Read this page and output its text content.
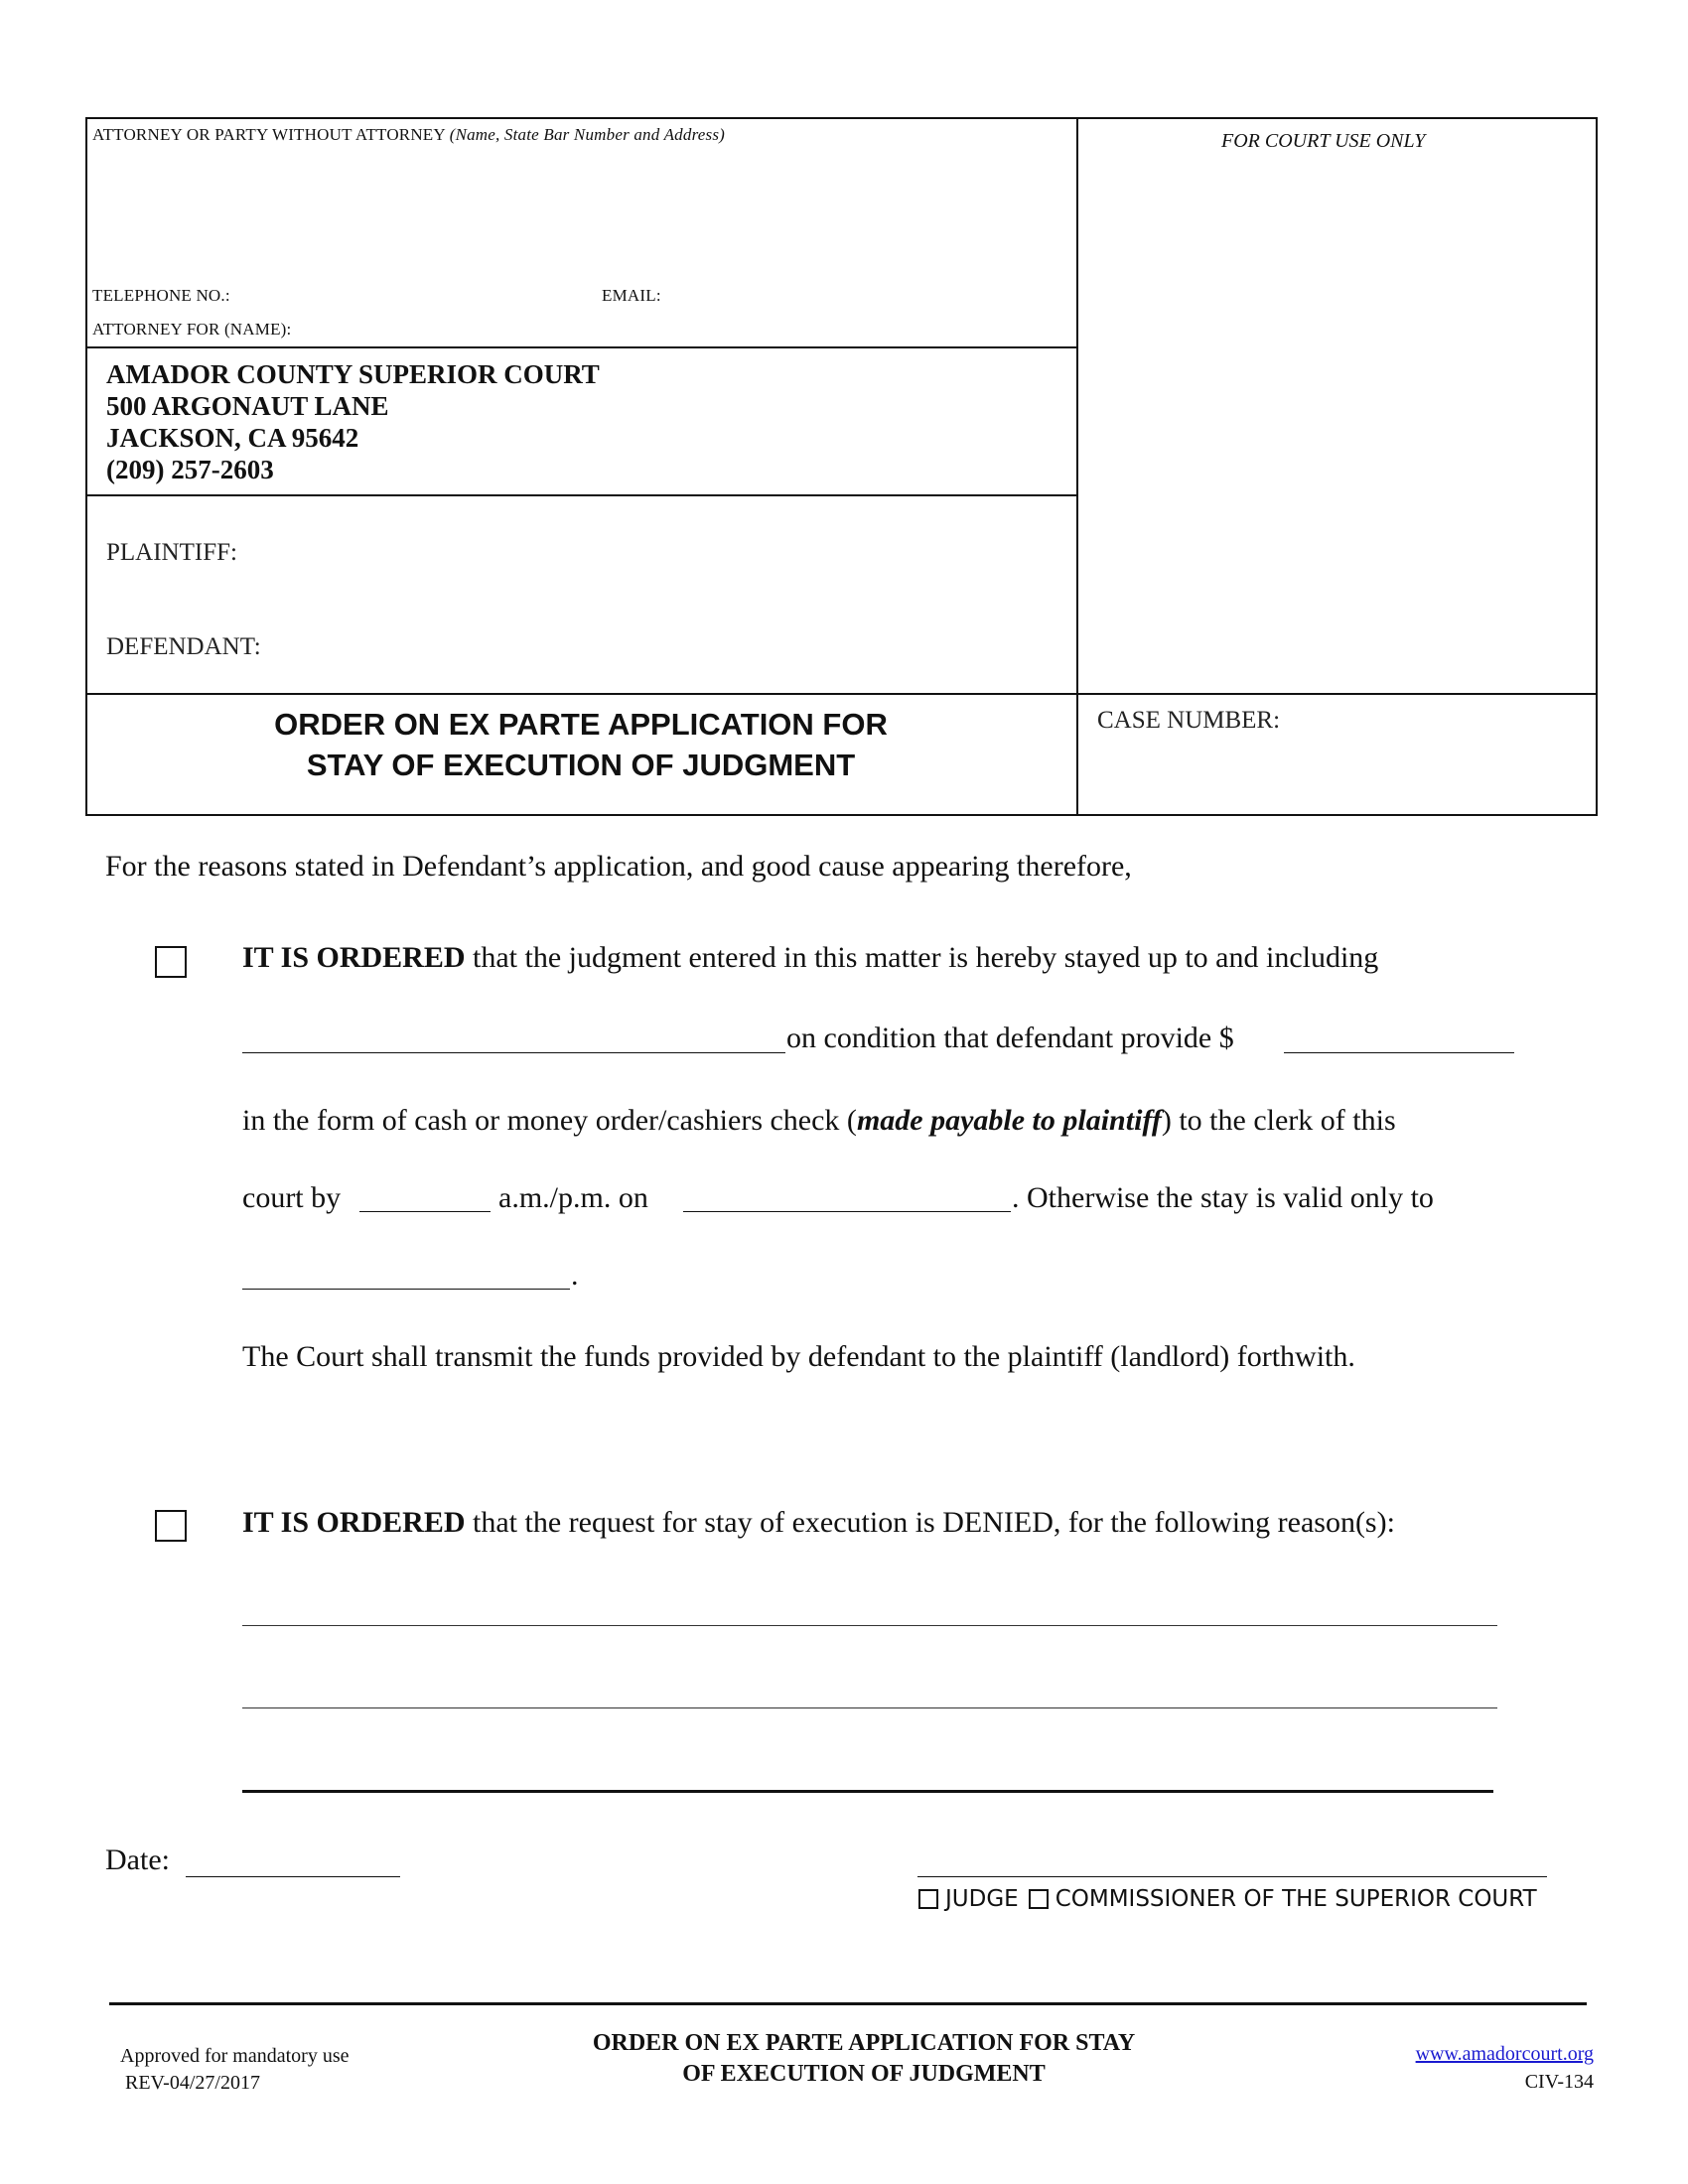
ATTORNEY OR PARTY WITHOUT ATTORNEY (Name, State Bar Number and Address)
TELEPHONE NO.:	EMAIL:
ATTORNEY FOR (NAME):
FOR COURT USE ONLY
AMADOR COUNTY SUPERIOR COURT
500 ARGONAUT LANE
JACKSON, CA 95642
(209) 257-2603
PLAINTIFF:
DEFENDANT:
ORDER ON EX PARTE APPLICATION FOR
STAY OF EXECUTION OF JUDGMENT
CASE NUMBER:
For the reasons stated in Defendant’s application, and good cause appearing therefore,
IT IS ORDERED that the judgment entered in this matter is hereby stayed up to and including
on condition that defendant provide $
in the form of cash or money order/cashiers check (made payable to plaintiff) to the clerk of this
court by	a.m./p.m. on	. Otherwise the stay is valid only to
.
The Court shall transmit the funds provided by defendant to the plaintiff (landlord) forthwith.
IT IS ORDERED that the request for stay of execution is DENIED, for the following reason(s):
Date:
JUDGE COMMISSIONER OF THE SUPERIOR COURT
Approved for mandatory use
REV-04/27/2017
ORDER ON EX PARTE APPLICATION FOR STAY
OF EXECUTION OF JUDGMENT
www.amadorcourt.org
CIV-134
